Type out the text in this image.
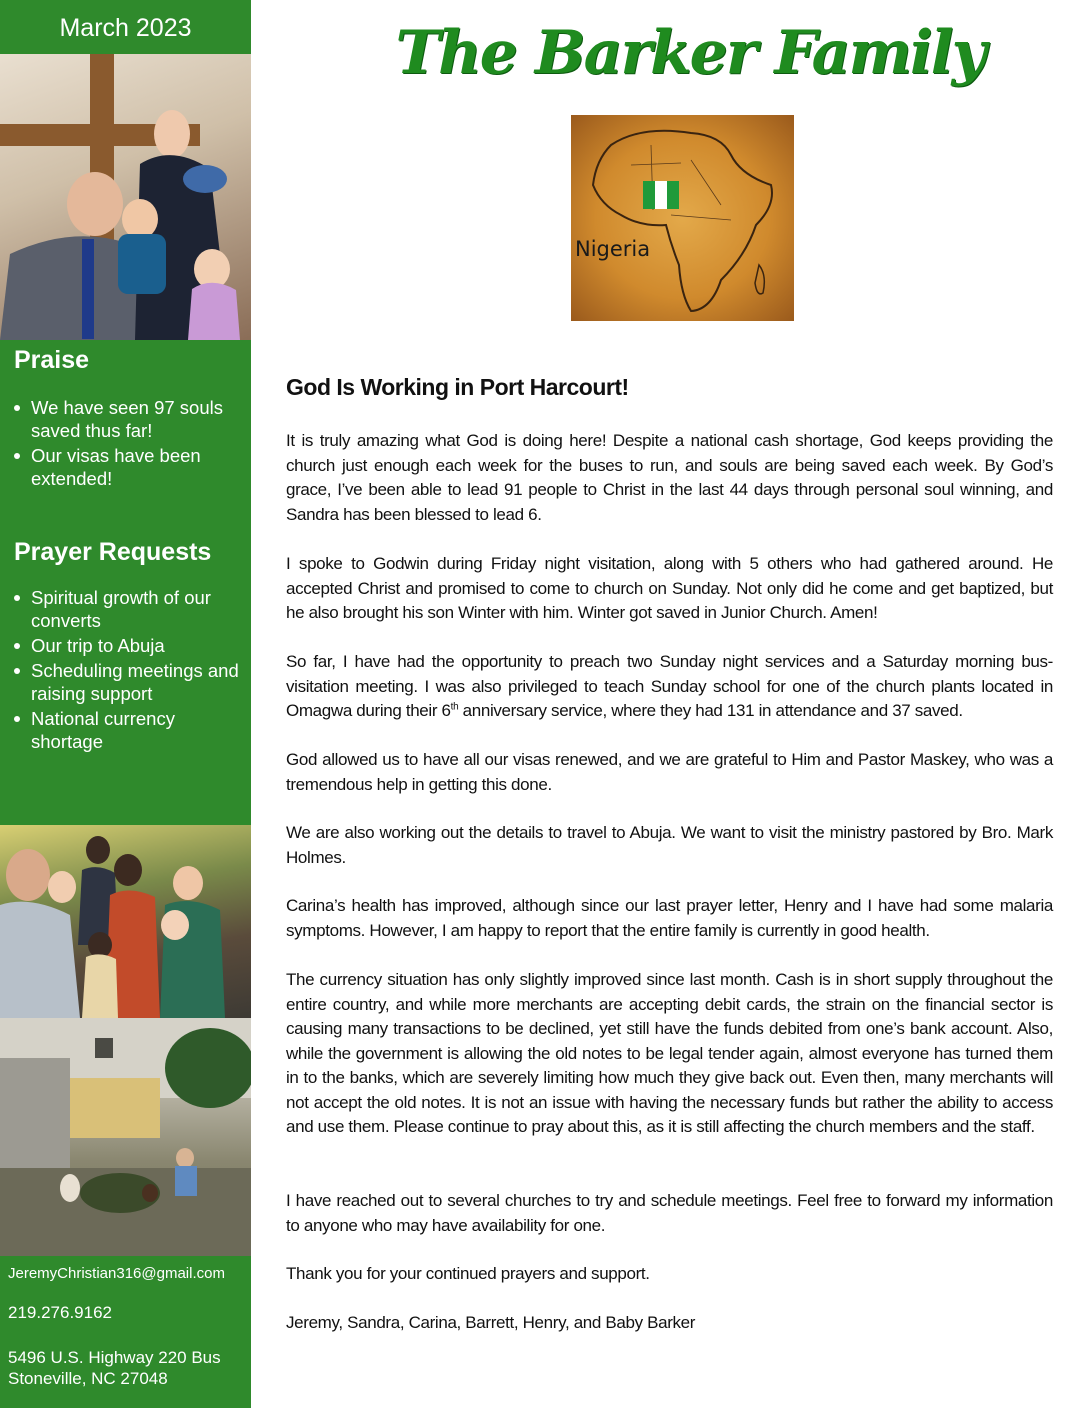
March 2023
Praise
We have seen 97 souls saved thus far!
Our visas have been extended!
Prayer Requests
Spiritual growth of our converts
Our trip to Abuja
Scheduling meetings and raising support
National currency shortage
JeremyChristian316@gmail.com
219.276.9162
5496 U.S. Highway 220 Bus
Stoneville, NC 27048
The Barker Family
Nigeria
God Is Working in Port Harcourt!

It is truly amazing what God is doing here! Despite a national cash shortage, God keeps providing the church just enough each week for the buses to run, and souls are being saved each week. By God’s grace, I’ve been able to lead 91 people to Christ in the last 44 days through personal soul winning, and Sandra has been blessed to lead 6.

I spoke to Godwin during Friday night visitation, along with 5 others who had gathered around. He accepted Christ and promised to come to church on Sunday. Not only did he come and get baptized, but he also brought his son Winter with him. Winter got saved in Junior Church. Amen!

So far, I have had the opportunity to preach two Sunday night services and a Saturday morning bus-visitation meeting. I was also privileged to teach Sunday school for one of the church plants located in Omagwa during their 6th anniversary service, where they had 131 in attendance and 37 saved.

God allowed us to have all our visas renewed, and we are grateful to Him and Pastor Maskey, who was a tremendous help in getting this done.

We are also working out the details to travel to Abuja. We want to visit the ministry pastored by Bro. Mark Holmes.

Carina’s health has improved, although since our last prayer letter, Henry and I have had some malaria symptoms. However, I am happy to report that the entire family is currently in good health.

The currency situation has only slightly improved since last month. Cash is in short supply throughout the entire country, and while more merchants are accepting debit cards, the strain on the financial sector is causing many transactions to be declined, yet still have the funds debited from one’s bank account. Also, while the government is allowing the old notes to be legal tender again, almost everyone has turned them in to the banks, which are severely limiting how much they give back out. Even then, many merchants will not accept the old notes. It is not an issue with having the necessary funds but rather the ability to access and use them. Please continue to pray about this, as it is still affecting the church members and the staff.

I have reached out to several churches to try and schedule meetings. Feel free to forward my information to anyone who may have availability for one.

Thank you for your continued prayers and support.

Jeremy, Sandra, Carina, Barrett, Henry, and Baby Barker
